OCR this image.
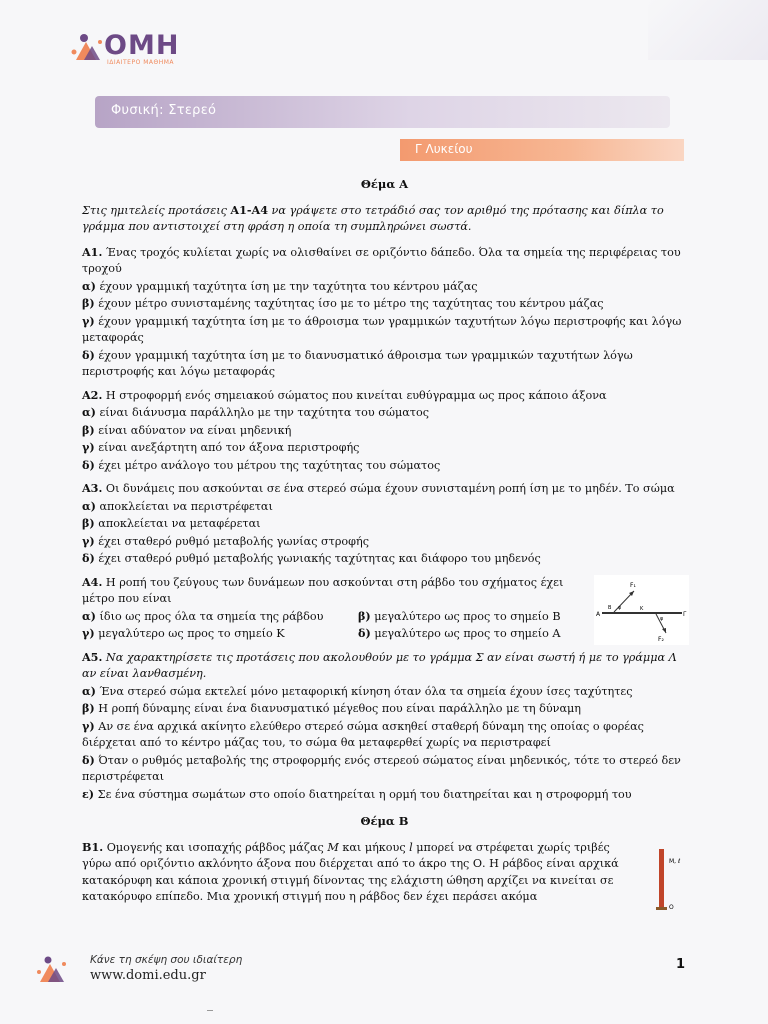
ΟΜΗ
ΙΔΙΑΙΤΕΡΟ ΜΑΘΗΜΑ
Φυσική: Στερεό
Γ Λυκείου
Θέμα Α

Στις ημιτελείς προτάσεις Α1-Α4 να γράψετε στο τετράδιό σας τον αριθμό της πρότασης και δίπλα το γράμμα που αντιστοιχεί στη φράση η οποία τη συμπληρώνει σωστά.

Α1. Ένας τροχός κυλίεται χωρίς να ολισθαίνει σε οριζόντιο δάπεδο. Όλα τα σημεία της περιφέρειας του τροχού

α) έχουν γραμμική ταχύτητα ίση με την ταχύτητα του κέντρου μάζας

β) έχουν μέτρο συνισταμένης ταχύτητας ίσο με το μέτρο της ταχύτητας του κέντρου μάζας

γ) έχουν γραμμική ταχύτητα ίση με το άθροισμα των γραμμικών ταχυτήτων λόγω περιστροφής και λόγω μεταφοράς

δ) έχουν γραμμική ταχύτητα ίση με το διανυσματικό άθροισμα των γραμμικών ταχυτήτων λόγω περιστροφής και λόγω μεταφοράς

Α2. Η στροφορμή ενός σημειακού σώματος που κινείται ευθύγραμμα ως προς κάποιο άξονα

α) είναι διάνυσμα παράλληλο με την ταχύτητα του σώματος

β) είναι αδύνατον να είναι μηδενική

γ) είναι ανεξάρτητη από τον άξονα περιστροφής

δ) έχει μέτρο ανάλογο του μέτρου της ταχύτητας του σώματος

Α3. Οι δυνάμεις που ασκούνται σε ένα στερεό σώμα έχουν συνισταμένη ροπή ίση με το μηδέν. Το σώμα

α) αποκλείεται να περιστρέφεται

β) αποκλείεται να μεταφέρεται

γ) έχει σταθερό ρυθμό μεταβολής γωνίας στροφής

δ) έχει σταθερό ρυθμό μεταβολής γωνιακής ταχύτητας και διάφορο του μηδενός

Α4. Η ροπή του ζεύγους των δυνάμεων που ασκούνται στη ράβδο του σχήματος έχει μέτρο που είναι

α) ίδιο ως προς όλα τα σημεία της ράβδου	β) μεγαλύτερο ως προς το σημείο Β

γ) μεγαλύτερο ως προς το σημείο Κ	δ) μεγαλύτερο ως προς το σημείο Α

Α
Β φ	Κ
Γ
φ
F₁
F₂

Α5. Να χαρακτηρίσετε τις προτάσεις που ακολουθούν με το γράμμα Σ αν είναι σωστή ή με το γράμμα Λ αν είναι λανθασμένη.

α) Ένα στερεό σώμα εκτελεί μόνο μεταφορική κίνηση όταν όλα τα σημεία έχουν ίσες ταχύτητες

β) Η ροπή δύναμης είναι ένα διανυσματικό μέγεθος που είναι παράλληλο με τη δύναμη

γ) Αν σε ένα αρχικά ακίνητο ελεύθερο στερεό σώμα ασκηθεί σταθερή δύναμη της οποίας ο φορέας διέρχεται από το κέντρο μάζας του, το σώμα θα μεταφερθεί χωρίς να περιστραφεί

δ) Όταν ο ρυθμός μεταβολής της στροφορμής ενός στερεού σώματος είναι μηδενικός, τότε το στερεό δεν περιστρέφεται

ε) Σε ένα σύστημα σωμάτων στο οποίο διατηρείται η ορμή του διατηρείται και η στροφορμή του

Θέμα Β

Β1. Ομογενής και ισοπαχής ράβδος μάζας M και μήκους l μπορεί να στρέφεται χωρίς τριβές γύρω από οριζόντιο ακλόνητο άξονα που διέρχεται από το άκρο της Ο. Η ράβδος είναι αρχικά κατακόρυφη και κάποια χρονική στιγμή δίνοντας της ελάχιστη ώθηση αρχίζει να κινείται σε κατακόρυφο επίπεδο. Μια χρονική στιγμή που η ράβδος δεν έχει περάσει ακόμα

Μ, ℓ
Ο
Κάνε τη σκέψη σου ιδιαίτερη
www.domi.edu.gr
1
